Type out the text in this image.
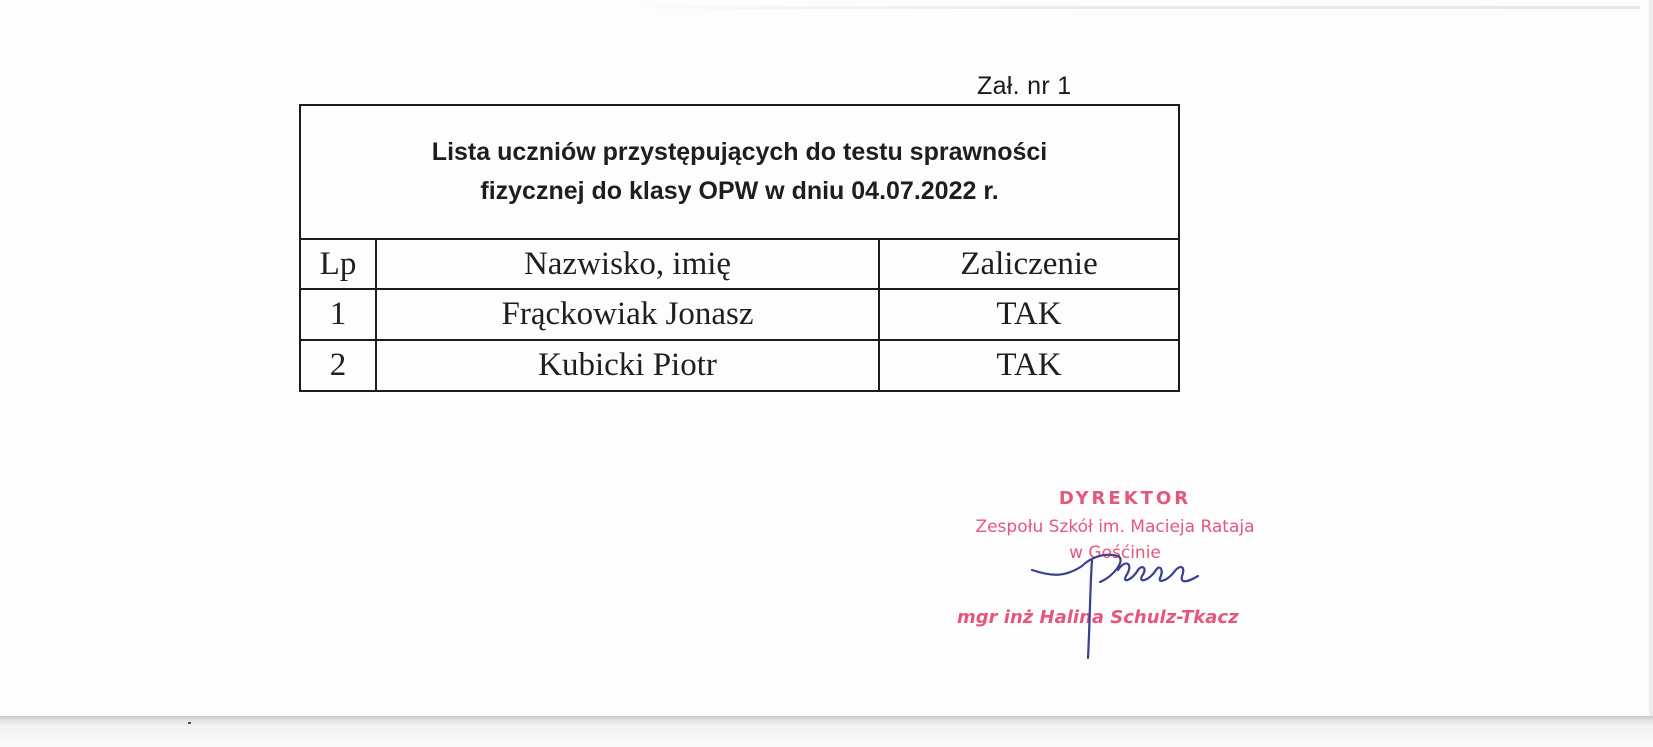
Zał. nr 1
Lista uczniów przystępujących do testu sprawności
fizycznej do klasy OPW w dniu 04.07.2022 r.		

Lp	Nazwisko, imię	Zaliczenie
1	Frąckowiak Jonasz	TAK
2	Kubicki Piotr	TAK
DYREKTOR
Zespołu Szkół im. Macieja Rataja
w Gośćinie
mgr inż Halina Schulz-Tkacz
